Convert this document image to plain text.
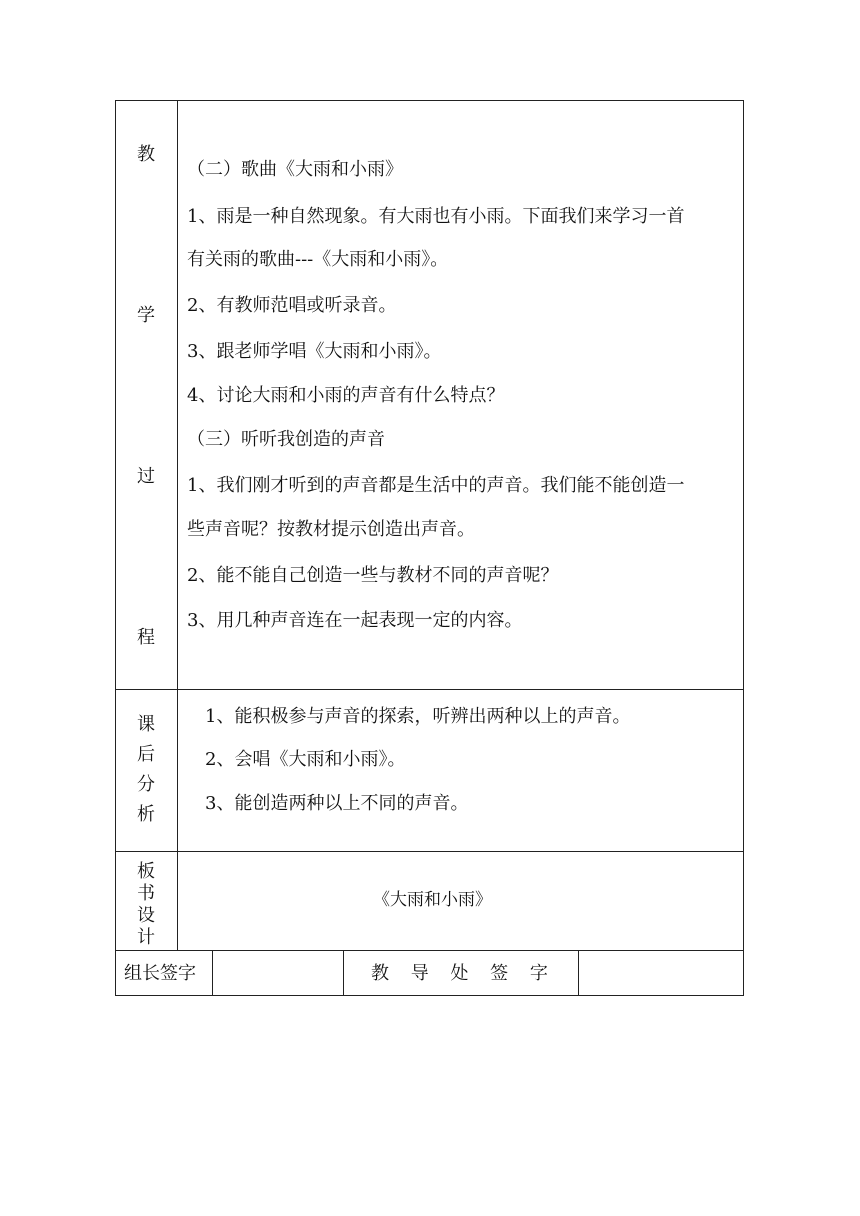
教
学
过
程
（二）歌曲《大雨和小雨》
1、雨是一种自然现象。有大雨也有小雨。下面我们来学习一首
有关雨的歌曲---《大雨和小雨》。
2、有教师范唱或听录音。
3、跟老师学唱《大雨和小雨》。
4、讨论大雨和小雨的声音有什么特点？
（三）听听我创造的声音
1、我们刚才听到的声音都是生活中的声音。我们能不能创造一
些声音呢？按教材提示创造出声音。
2、能不能自己创造一些与教材不同的声音呢？
3、用几种声音连在一起表现一定的内容。
课
后
分
析
1、能积极参与声音的探索，听辨出两种以上的声音。
2、会唱《大雨和小雨》。
3、能创造两种以上不同的声音。
板
书
设
计
《大雨和小雨》
组长签字	教 导 处 签 字
